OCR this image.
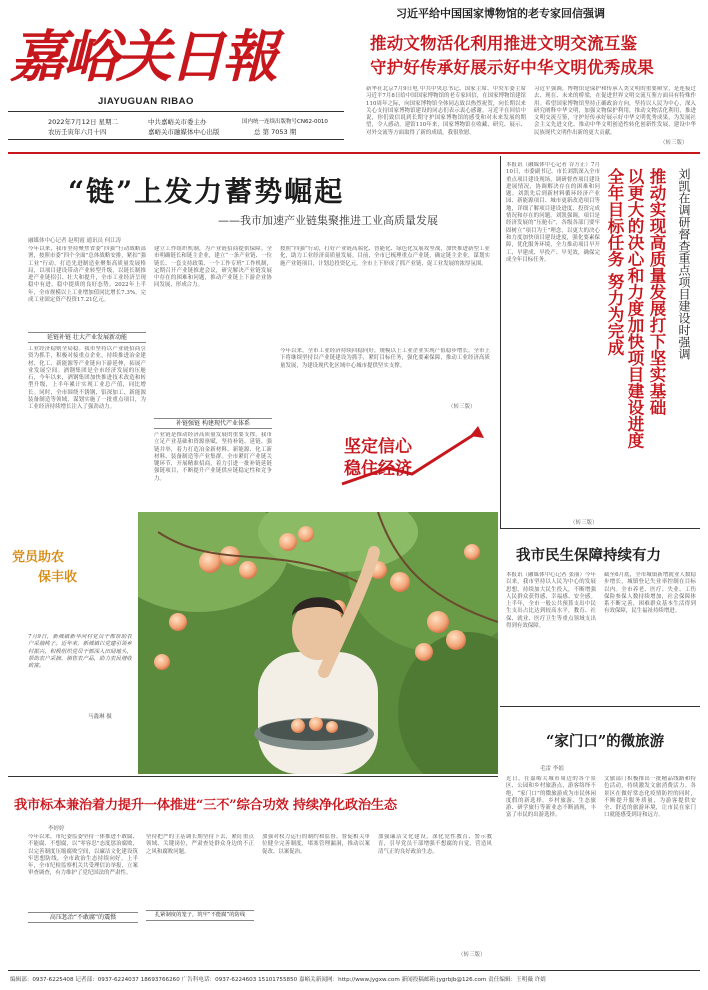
嘉峪关日報
JIAYUGUAN RIBAO
2022年7月12日 星期二
农历壬寅年六月十四
中共嘉峪关市委主办
嘉峪关市融媒体中心出版
国内统一连续出版物号CN62-0010
总 第 7053 期
习近平给中国国家博物馆的老专家回信强调
推动文物活化利用推进文明交流互鉴
守护好传承好展示好中华文明优秀成果
新华社北京7月9日电 中共中央总书记、国家主席、中央军委主席习近平7月8日给中国国家博物馆的老专家回信，在国家博物馆建馆110周年之际，向国家博物馆全体同志致以热烈祝贺，向长期以来关心支持国家博物馆建设的同志们表示衷心感谢。习近平在回信中说，你们致信说到长期守护国家博物馆的感受和对未来发展的期望，令人感动。建馆110年来，国家博物馆在收藏、研究、展示、对外交流等方面取得了新的成绩，我很欣慰。
习近平强调，博物馆是保护和传承人类文明的重要殿堂，是连接过去、现在、未来的桥梁，在促进世界文明交流互鉴方面具有特殊作用。希望国家博物馆坚持正确政治方向，坚持以人民为中心，深入研究阐释中华文明，加强文物保护利用，推动文物活化利用，推进文明交流互鉴，守护好传承好展示好中华文明优秀成果，为发展社会主义先进文化、推动中华文明创造性转化创新性发展、建设中华民族现代文明作出新的更大贡献。
（转三版）
“链”上发力蓄势崛起
——我市加速产业链集聚推进工业高质量发展
融媒体中心记者 赵明霞 通讯员 何江涛
今年以来，我市坚持聚焦省委“四强”行动战略部署，按照市委“四个全面”总体战略安排，紧扣“强工业”行动，打造先进制造业聚集高质量发展格局，以项目建设带动产业转型升级，以链长制推进产业链招引、壮大和提升，全市工业经济呈现稳中有进、稳中提质的良好态势。2022年上半年，全市规模以上工业增加值同比增长7.3%，完成工业固定资产投资17.21亿元。
延链补链 壮大产业发展新动能
工业经济稳则全局稳。我市坚持以产业链招商引资为抓手，积极对接重点企业，持续推进冶金建材、化工、新能源等产业链向下游延伸，拓展产业发展空间。酒钢集团是全市经济发展的压舱石，今年以来，酒钢集团加快推进技术改造和转型升级，上半年累计实现工业总产值，同比增长。同时，全市围绕不锈钢、铝深加工、新能源装备制造等领域，谋划实施了一批重点项目，为工业经济持续增长注入了强劲动力。
建立工作组织机制，为产业链招商提供保障。全市明确链长和链主企业，建立“一条产业链、一位链长、一套支持政策、一个工作专班”工作机制，定期召开产业链推进会议，研究解决产业链发展中存在的困难和问题，推动产业链上下游企业协同发展，形成合力。
补链强链 构建现代产业体系
产业链是推动经济高质量发展的重要支撑。我市立足产业基础和资源禀赋，坚持补链、延链、强链并举，着力打造冶金新材料、新能源、化工新材料、装备制造等产业集群。全市紧盯产业链关键环节，开展精准招商，着力引进一批补链延链强链项目，不断提升产业链供应链稳定性和竞争力。
按照“四强”行动，打好产业链高端化、智能化、绿色化发展攻坚战，加快推进新型工业化，助力工业经济高质量发展。目前，全市已梳理重点产业链，确定链主企业，谋划实施产业链项目，计划总投资亿元，全市上下形成了抓产业链、促工业发展的浓厚氛围。
今年以来，全市工业经济持续回稳向好，规模以上工业企业实现产值稳步增长。全市上下将继续坚持以产业链建设为抓手，紧盯目标任务，强化要素保障，推动工业经济高质量发展，为建设现代化区域中心城市提供坚实支撑。
（转三版）
坚定信心
稳住经济
本报讯（融媒体中心记者 谷方正）7月10日，市委副书记、市长刘凯深入全市重点项目建设现场，调研督查项目建设进展情况，协调解决存在的困难和问题。刘凯先后到新材料循环经济产业园、新能源项目、城市更新改造项目等地，详细了解项目建设进度、投资完成情况和存在的问题。刘凯强调，项目是经济发展的“压舱石”，各级各部门要牢固树立“项目为王”理念，以更大的决心和力度加快项目建设进度，强化要素保障，优化服务环境，全力推动项目早开工、早建成、早投产、早见效，确保完成全年目标任务。
（转三版）
全年目标任务 努力为完成 以更大的决心和力度加快项目建设进度 推动实现高质量发展打下坚实基础 刘凯在调研督查重点项目建设时强调
党员助农
保丰收
7月9日，新城镇新华河村党员干部帮助农户采摘桃子。近年来，新城镇以党建引领乡村振兴，积极组织党员干部深入田间地头，帮助农户采摘、销售农产品，助力农民增收致富。
马鑫琳 摄
我市民生保障持续有力
本报讯（融媒体中心记者 张丽）今年以来，我市坚持以人民为中心的发展思想，持续加大民生投入，不断增强人民群众获得感、幸福感、安全感。上半年，全市一般公共预算支出中民生支出占比达到较高水平，教育、社保、就业、医疗卫生等重点领域支出得到有效保障。
截至6月底，全市城镇新增就业人数稳步增长，城镇登记失业率控制在目标以内。全市养老、医疗、失业、工伤保险参保人数持续增加，社会保障体系不断完善，困难群众基本生活得到有效保障，民生福祉持续增进。
“家门口”的微旅游
毛雷 李娟
近日，在嘉峪关城市周边的各个景区、公园和乡村旅游点，游客络绎不绝，“家门口”的微旅游成为市民休闲度假的新选择。乡村旅游、生态旅游、研学旅行等新业态不断涌现，丰富了市民的出游选择。
文旅部门积极推出一批精品线路和特色活动，持续激发文旅消费活力。各景区在做好常态化疫情防控的同时，不断提升服务质量，为游客提供安全、舒适的旅游环境，让市民在家门口就能感受到诗和远方。
我市标本兼治着力提升一体推进“三不”综合功效 持续净化政治生态
李婷婷
今年以来，市纪委监委坚持一体推进不敢腐、不能腐、不想腐，以“零容忍”态度惩治腐败，以完善制度压缩腐败空间，以廉洁文化建设筑牢思想防线，全市政治生态持续向好。上半年，全市纪检监察机关共受理信访举报，立案审查调查，有力维护了党纪国法的严肃性。
高压惩治“不敢腐”的震慑
坚持把严的主基调长期坚持下去，紧盯重点领域、关键岗位，严肃查处群众身边的不正之风和腐败问题。
扎紧制度的笼子，筑牢“不能腐”的防线
加强对权力运行的制约和监督，督促相关单位健全完善制度，堵塞管理漏洞，推动以案促改、以案促治。
加强廉洁文化建设，深化党性教育、警示教育，引导党员干部增强不想腐的自觉，营造风清气正的良好政治生态。
（转三版）
编辑部：0937-6225408 记者部：0937-6224037 18693766260 广告科电话：0937-6224603 15101755850 嘉峪关新闻网：http://www.jygxw.com 新闻投稿邮箱:jygrbjb@126.com 责任编辑：王明薇 许婧
